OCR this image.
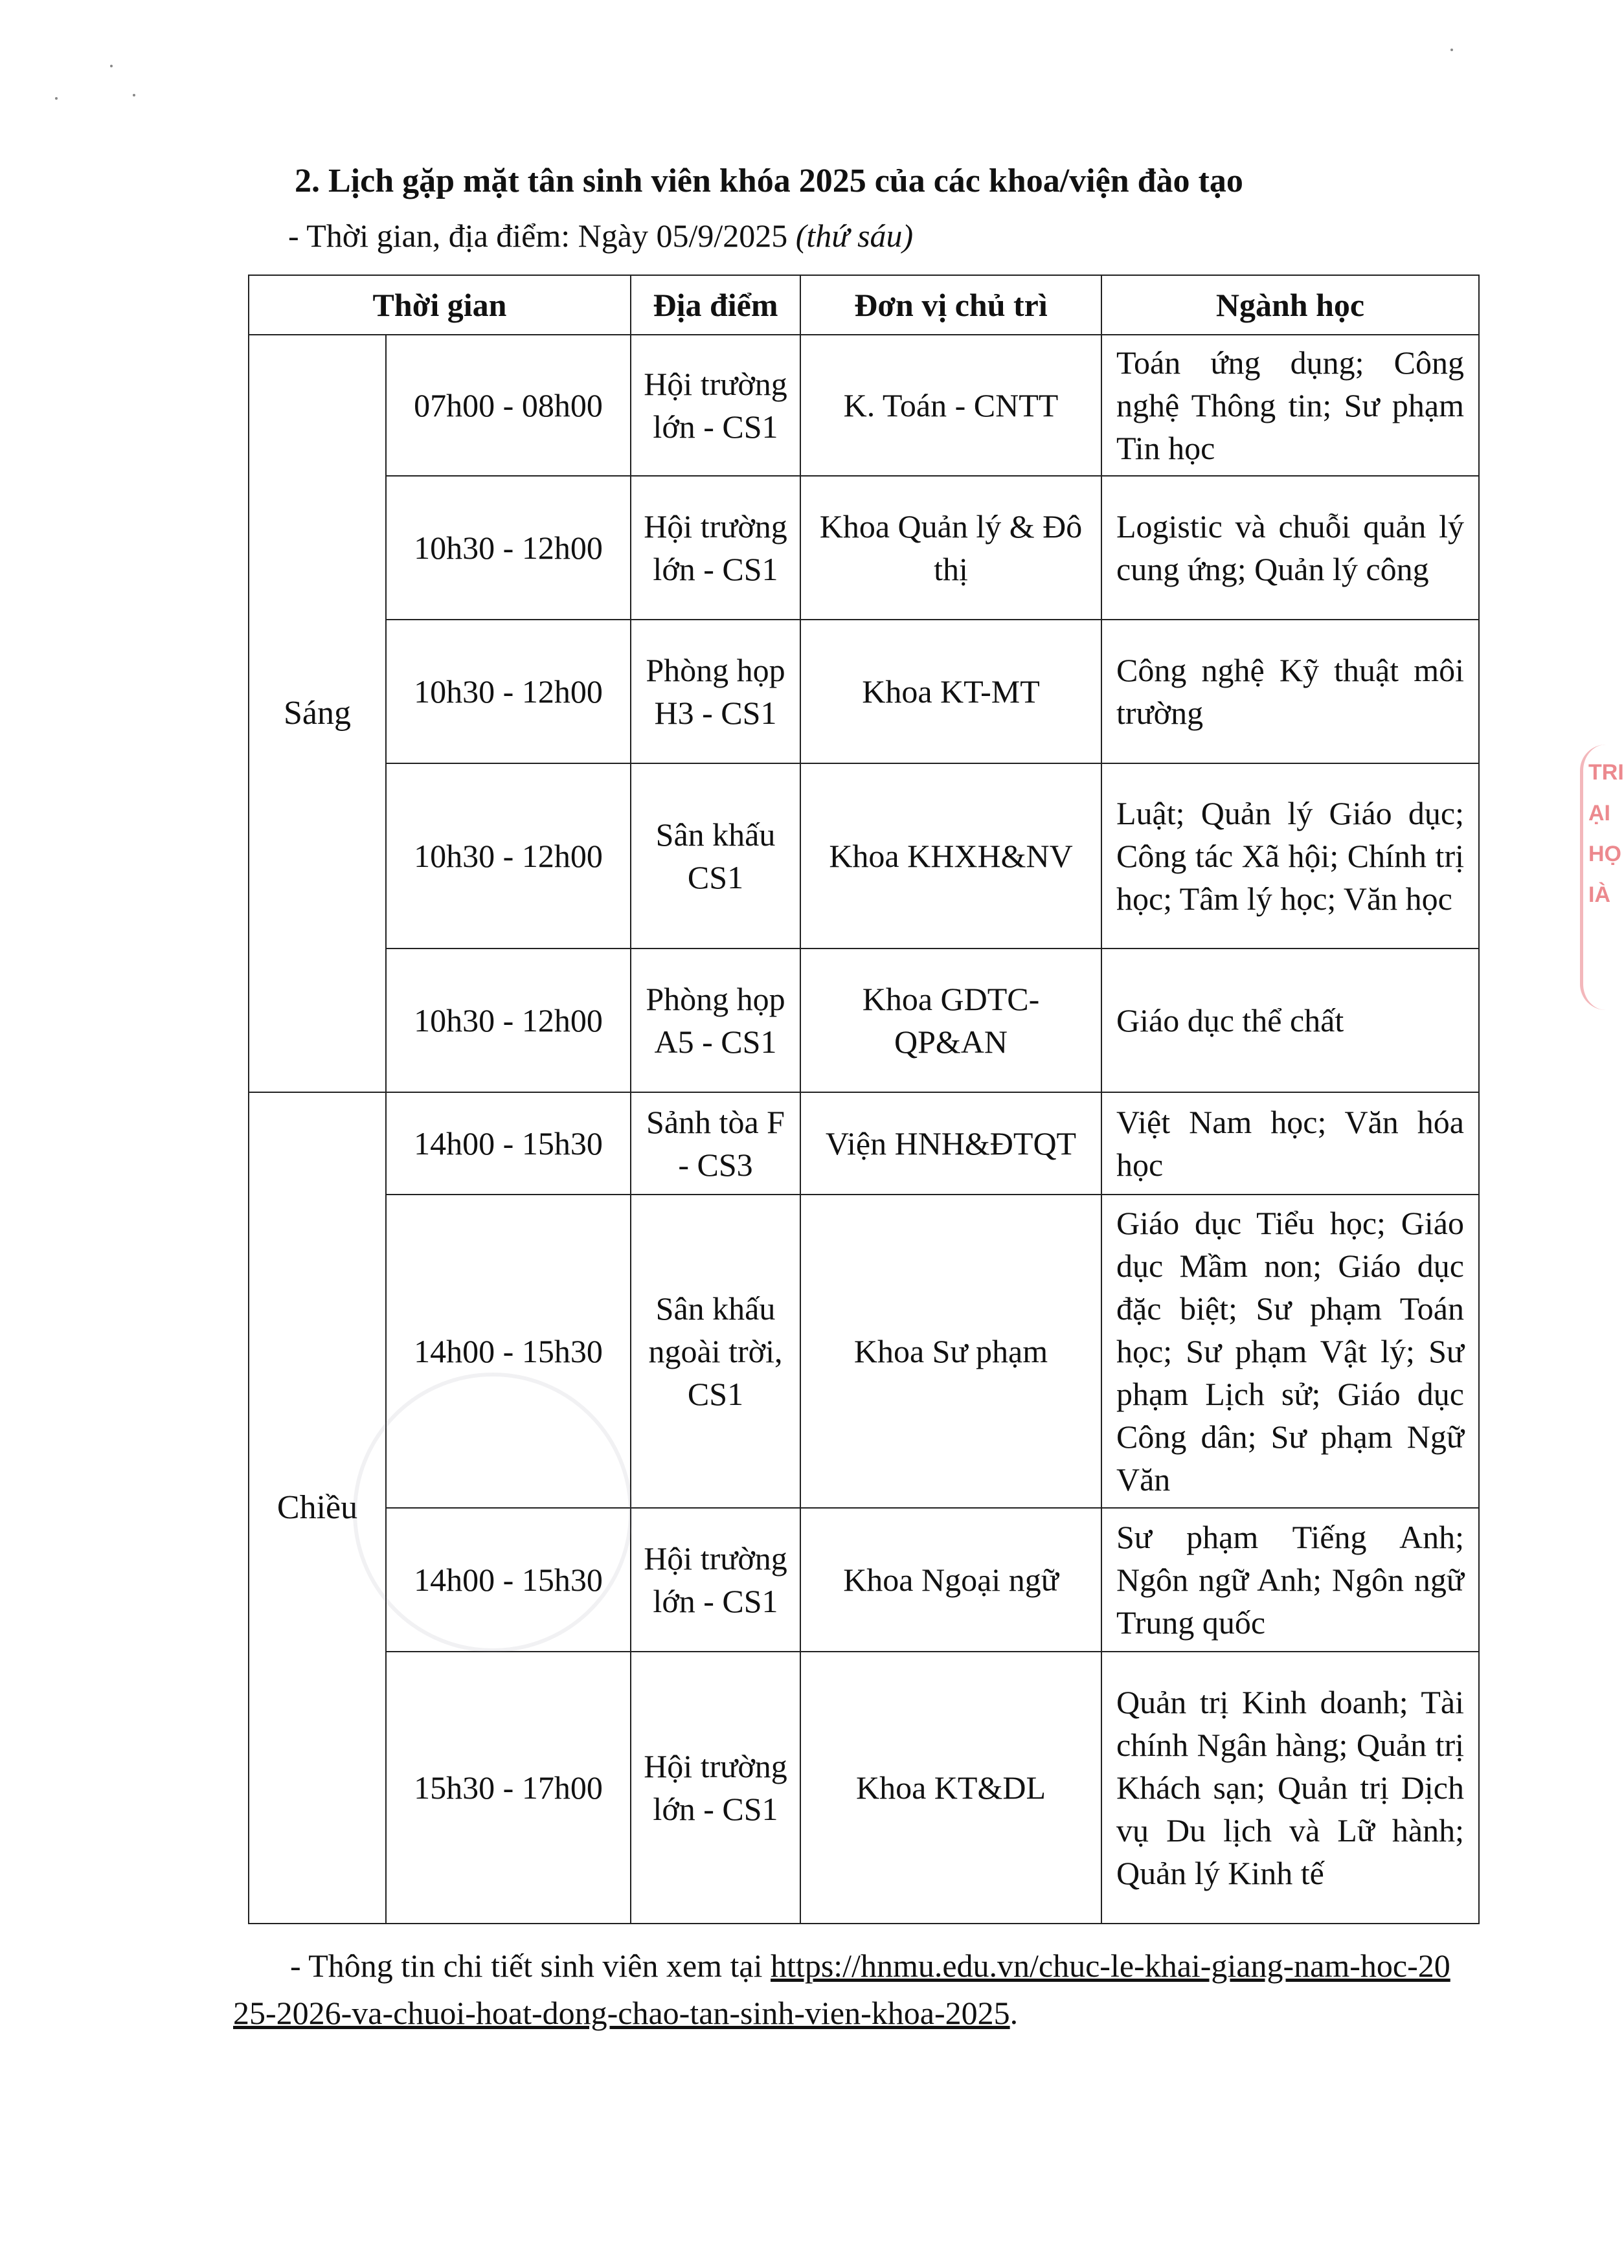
2. Lịch gặp mặt tân sinh viên khóa 2025 của các khoa/viện đào tạo
- Thời gian, địa điểm: Ngày 05/9/2025 (thứ sáu)
Thời gian		Địa điểm	Đơn vị chủ trì	Ngành học
Sáng	07h00 - 08h00	Hội trường lớn - CS1	K. Toán - CNTT	Toán ứng dụng; Công nghệ Thông tin; Sư phạm Tin học
	10h30 - 12h00	Hội trường lớn - CS1	Khoa Quản lý & Đô thị	Logistic và chuỗi quản lý cung ứng; Quản lý công
	10h30 - 12h00	Phòng họp H3 - CS1	Khoa KT-MT	Công nghệ Kỹ thuật môi trường
	10h30 - 12h00	Sân khấu CS1	Khoa KHXH&NV	Luật; Quản lý Giáo dục; Công tác Xã hội; Chính trị học; Tâm lý học; Văn học
	10h30 - 12h00	Phòng họp A5 - CS1	Khoa GDTC-QP&AN	Giáo dục thể chất
Chiều	14h00 - 15h30	Sảnh tòa F - CS3	Viện HNH&ĐTQT	Việt Nam học; Văn hóa học
	14h00 - 15h30	Sân khấu ngoài trời, CS1	Khoa Sư phạm	Giáo dục Tiểu học; Giáo dục Mầm non; Giáo dục đặc biệt; Sư phạm Toán học; Sư phạm Vật lý; Sư phạm Lịch sử; Giáo dục Công dân; Sư phạm Ngữ Văn
	14h00 - 15h30	Hội trường lớn - CS1	Khoa Ngoại ngữ	Sư phạm Tiếng Anh; Ngôn ngữ Anh; Ngôn ngữ Trung quốc
	15h30 - 17h00	Hội trường lớn - CS1	Khoa KT&DL	Quản trị Kinh doanh; Tài chính Ngân hàng; Quản trị Khách sạn; Quản trị Dịch vụ Du lịch và Lữ hành; Quản lý Kinh tế
- Thông tin chi tiết sinh viên xem tại https://hnmu.edu.vn/chuc-le-khai-giang-nam-hoc-2025-2026-va-chuoi-hoat-dong-chao-tan-sinh-vien-khoa-2025.
TRI
ẠI
HỌ
IÀ
